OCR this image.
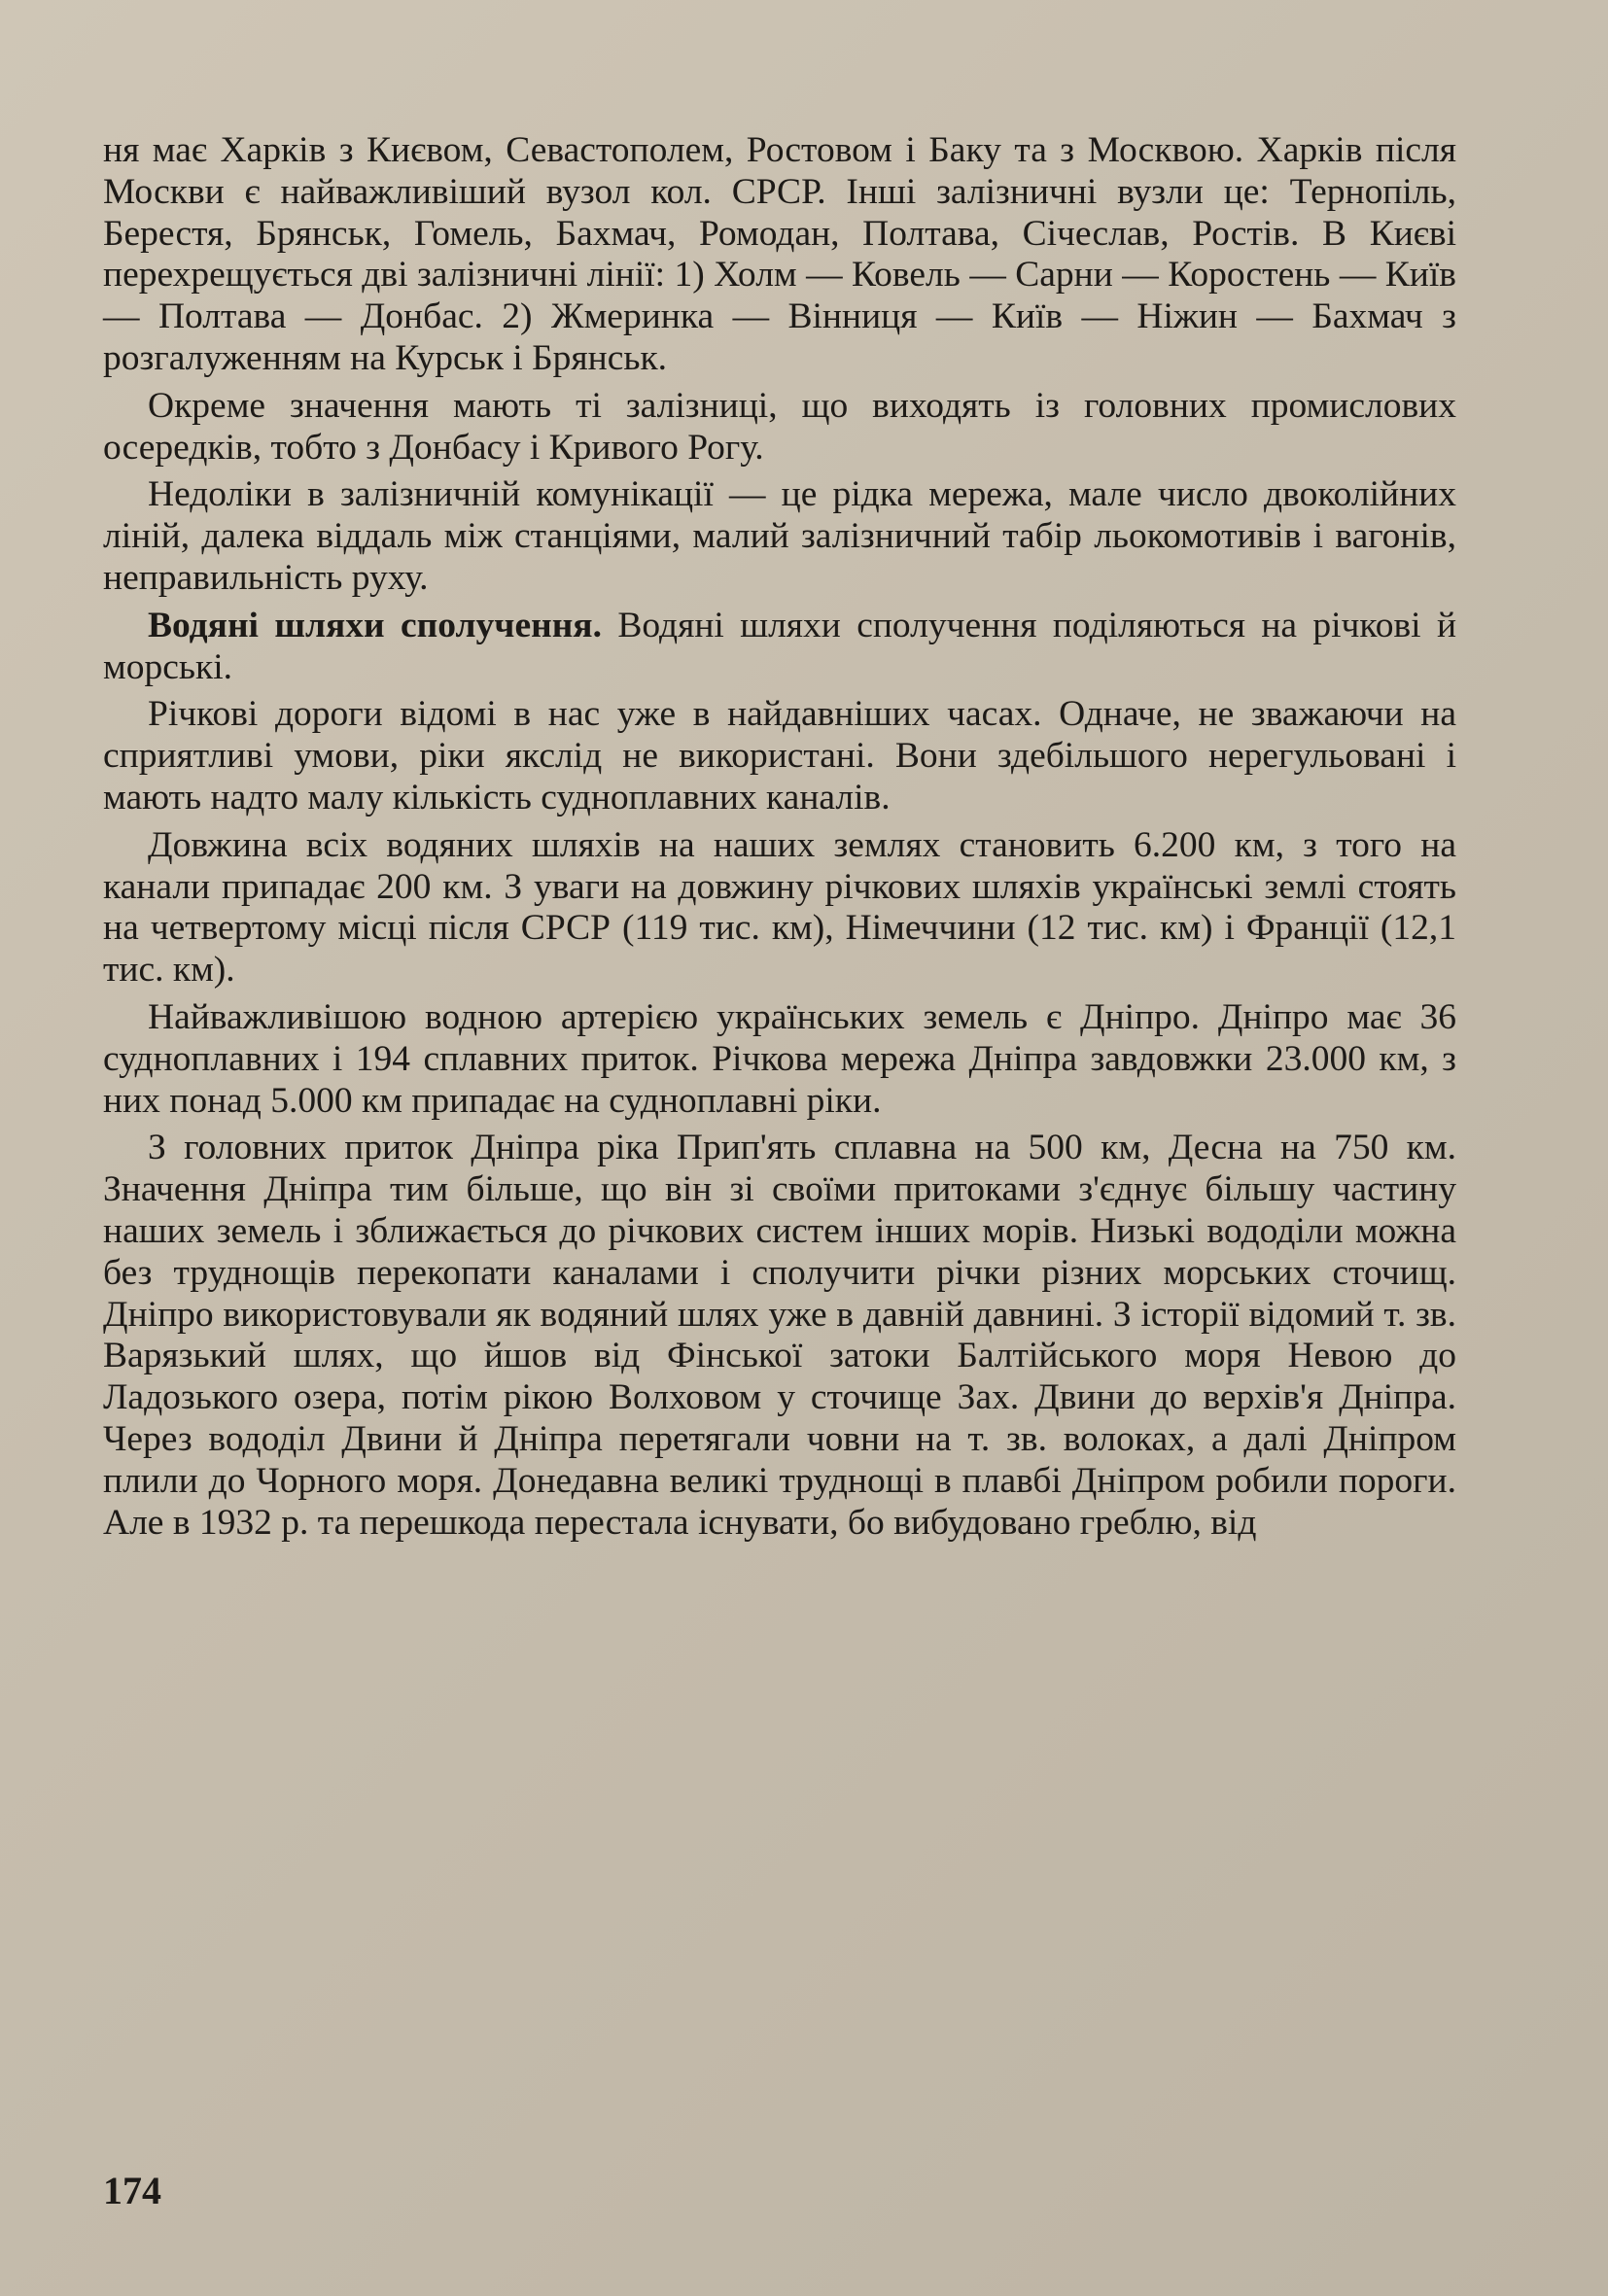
ня має Харків з Києвом, Севастополем, Ростовом і Баку та з Москвою. Харків після Москви є найважливіший вузол кол. СРСР. Інші залізничні вузли це: Тернопіль, Берестя, Брянськ, Гомель, Бахмач, Ромодан, Полтава, Січеслав, Ростів. В Києві перехрещується дві залізничні лінії: 1) Холм — Ковель — Сарни — Коростень — Київ — Полтава — Донбас. 2) Жмеринка — Вінниця — Київ — Ніжин — Бахмач з розгалуженням на Курськ і Брянськ.

Окреме значення мають ті залізниці, що виходять із головних промислових осередків, тобто з Донбасу і Кривого Рогу.

Недоліки в залізничній комунікації — це рідка мережа, мале число двоколійних ліній, далека віддаль між станціями, малий залізничний табір льокомотивів і вагонів, неправильність руху.

Водяні шляхи сполучення. Водяні шляхи сполучення поділяються на річкові й морські.

Річкові дороги відомі в нас уже в найдавніших часах. Одначе, не зважаючи на сприятливі умови, ріки якслід не використані. Вони здебільшого нерегульовані і мають надто малу кількість судноплавних каналів.

Довжина всіх водяних шляхів на наших землях становить 6.200 км, з того на канали припадає 200 км. З уваги на довжину річкових шляхів українські землі стоять на четвертому місці після СРСР (119 тис. км), Німеччини (12 тис. км) і Франції (12,1 тис. км).

Найважливішою водною артерією українських земель є Дніпро. Дніпро має 36 судноплавних і 194 сплавних приток. Річкова мережа Дніпра завдовжки 23.000 км, з них понад 5.000 км припадає на судноплавні ріки.

З головних приток Дніпра ріка Прип'ять сплавна на 500 км, Десна на 750 км. Значення Дніпра тим більше, що він зі своїми притоками з'єднує більшу частину наших земель і зближається до річкових систем інших морів. Низькі вододіли можна без труднощів перекопати каналами і сполучити річки різних морських сточищ. Дніпро використовували як водяний шлях уже в давній давнині. З історії відомий т. зв. Варязький шлях, що йшов від Фінської затоки Балтійського моря Невою до Ладозького озера, потім рікою Волховом у сточище Зах. Двини до верхів'я Дніпра. Через вододіл Двини й Дніпра перетягали човни на т. зв. волоках, а далі Дніпром плили до Чорного моря. Донедавна великі труднощі в плавбі Дніпром робили пороги. Але в 1932 р. та перешкода перестала існувати, бо вибудовано греблю, від

174
